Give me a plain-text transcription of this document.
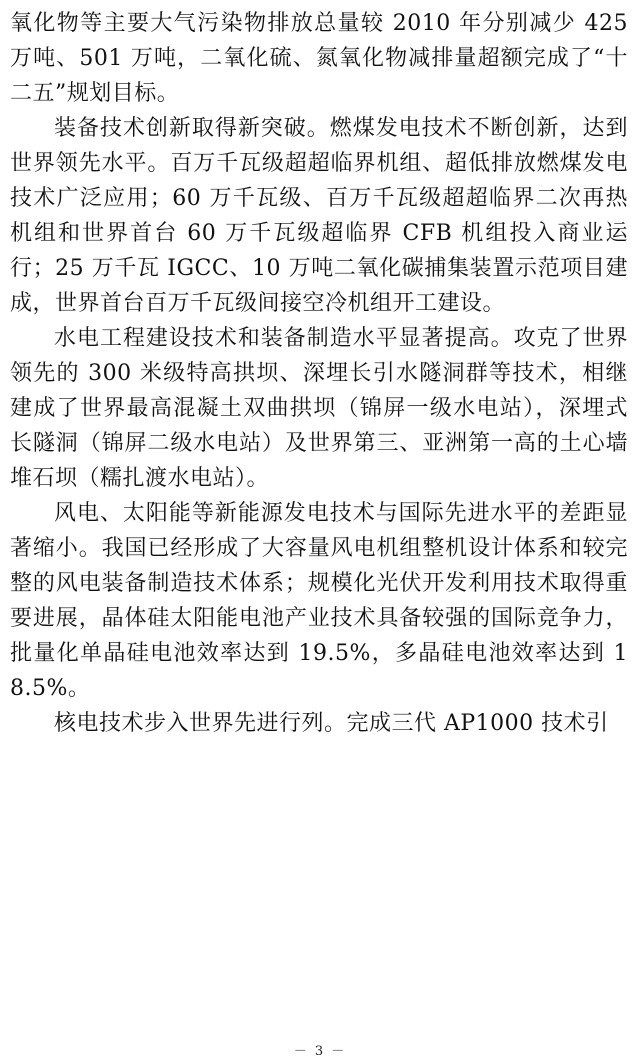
氧化物等主要大气污染物排放总量较 2010 年分别减少 425 万吨、501 万吨，二氧化硫、氮氧化物减排量超额完成了“十二五”规划目标。

装备技术创新取得新突破。燃煤发电技术不断创新，达到世界领先水平。百万千瓦级超超临界机组、超低排放燃煤发电技术广泛应用；60 万千瓦级、百万千瓦级超超临界二次再热机组和世界首台 60 万千瓦级超临界 CFB 机组投入商业运行；25 万千瓦 IGCC、10 万吨二氧化碳捕集装置示范项目建成，世界首台百万千瓦级间接空冷机组开工建设。

水电工程建设技术和装备制造水平显著提高。攻克了世界领先的 300 米级特高拱坝、深埋长引水隧洞群等技术，相继建成了世界最高混凝土双曲拱坝（锦屏一级水电站），深埋式长隧洞（锦屏二级水电站）及世界第三、亚洲第一高的土心墙堆石坝（糯扎渡水电站）。

风电、太阳能等新能源发电技术与国际先进水平的差距显著缩小。我国已经形成了大容量风电机组整机设计体系和较完整的风电装备制造技术体系；规模化光伏开发利用技术取得重要进展，晶体硅太阳能电池产业技术具备较强的国际竞争力，批量化单晶硅电池效率达到 19.5%，多晶硅电池效率达到 18.5%。

核电技术步入世界先进行列。完成三代 AP1000 技术引

－ 3 －
